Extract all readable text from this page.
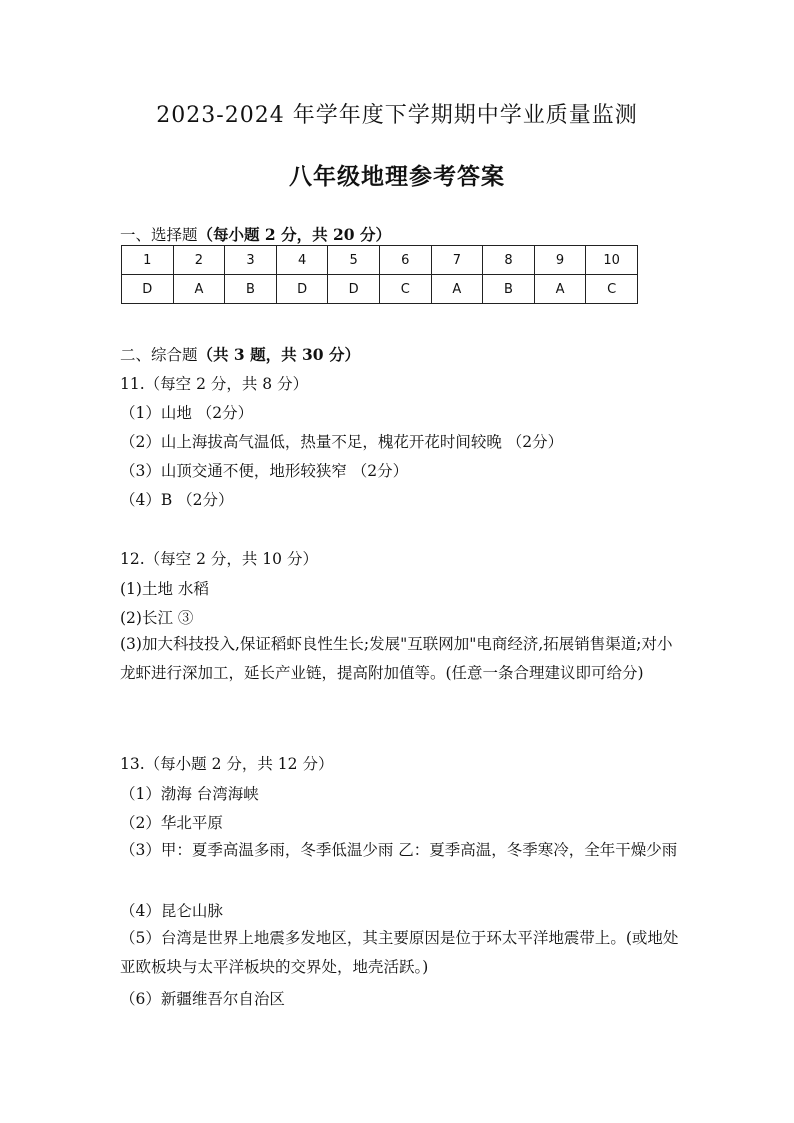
2023-2024 年学年度下学期期中学业质量监测
八年级地理参考答案
一、选择题（每小题 2 分，共 20 分）
1	2	3	4	5	6	7	8	9	10
D	A	B	D	D	C	A	B	A	C
二、综合题（共 3 题，共 30 分）
11.（每空 2 分，共 8 分）
（1）山地 （2分）
（2）山上海拔高气温低，热量不足，槐花开花时间较晚 （2分）
（3）山顶交通不便，地形较狭窄 （2分）
（4）B （2分）
12.（每空 2 分，共 10 分）
(1)土地 水稻
(2)长江 ③
(3)加大科技投入,保证稻虾良性生长;发展"互联网加"电商经济,拓展销售渠道;对小龙虾进行深加工，延长产业链，提高附加值等。(任意一条合理建议即可给分)
13.（每小题 2 分，共 12 分）
（1）渤海 台湾海峡
（2）华北平原
（3）甲：夏季高温多雨，冬季低温少雨 乙：夏季高温，冬季寒冷，全年干燥少雨
（4）昆仑山脉
（5）台湾是世界上地震多发地区，其主要原因是位于环太平洋地震带上。(或地处亚欧板块与太平洋板块的交界处，地壳活跃。)
（6）新疆维吾尔自治区
